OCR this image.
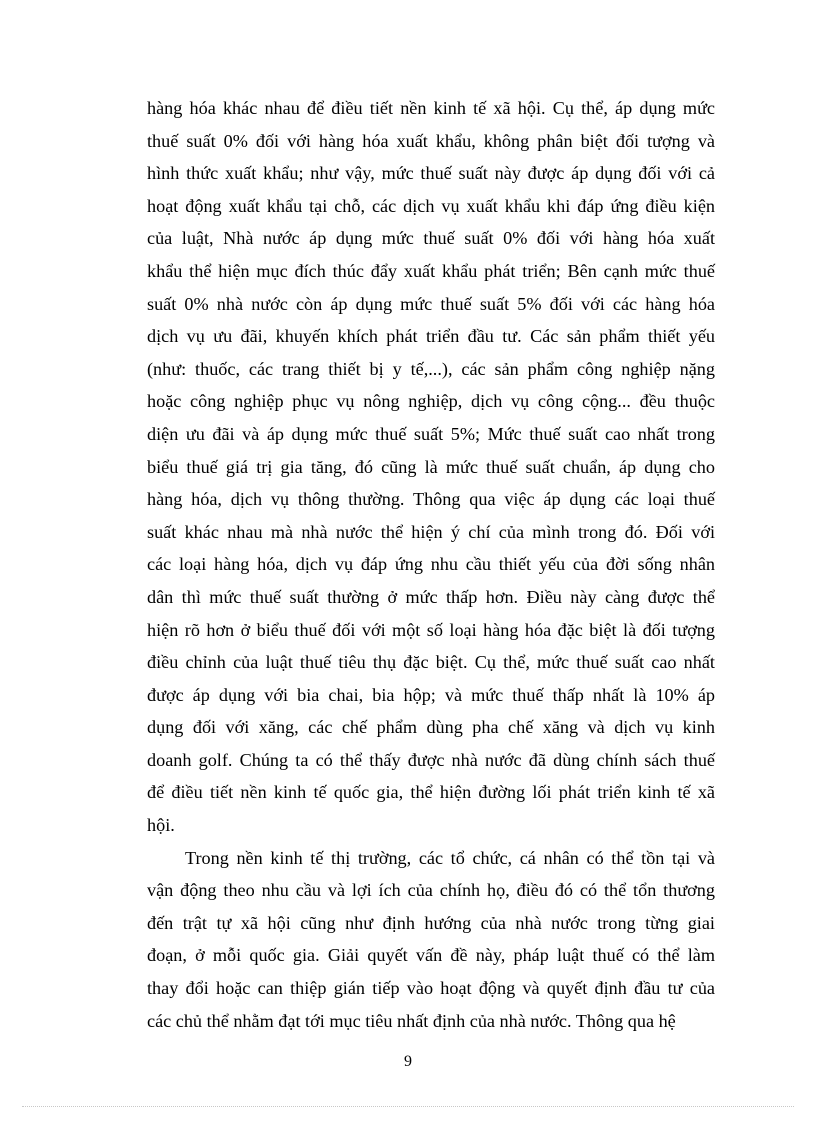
hàng hóa khác nhau để điều tiết nền kinh tế xã hội. Cụ thể, áp dụng mức
thuế suất 0% đối với hàng hóa xuất khẩu, không phân biệt đối tượng và
hình thức xuất khẩu; như vậy, mức thuế suất này được áp dụng đối với cả
hoạt động xuất khẩu tại chỗ, các dịch vụ xuất khẩu khi đáp ứng điều kiện
của luật, Nhà nước áp dụng mức thuế suất 0% đối với hàng hóa xuất
khẩu thể hiện mục đích thúc đẩy xuất khẩu phát triển; Bên cạnh mức thuế
suất 0% nhà nước còn áp dụng mức thuế suất 5% đối với các hàng hóa
dịch vụ ưu đãi, khuyến khích phát triển đầu tư. Các sản phẩm thiết yếu
(như: thuốc, các trang thiết bị y tế,...), các sản phẩm công nghiệp nặng
hoặc công nghiệp phục vụ nông nghiệp, dịch vụ công cộng... đều thuộc
diện ưu đãi và áp dụng mức thuế suất 5%; Mức thuế suất cao nhất trong
biểu thuế giá trị gia tăng, đó cũng là mức thuế suất chuẩn, áp dụng cho
hàng hóa, dịch vụ thông thường. Thông qua việc áp dụng các loại thuế
suất khác nhau mà nhà nước thể hiện ý chí của mình trong đó. Đối với
các loại hàng hóa, dịch vụ đáp ứng nhu cầu thiết yếu của đời sống nhân
dân thì mức thuế suất thường ở mức thấp hơn. Điều này càng được thể
hiện rõ hơn ở biểu thuế đối với một số loại hàng hóa đặc biệt là đối tượng
điều chỉnh của luật thuế tiêu thụ đặc biệt. Cụ thể, mức thuế suất cao nhất
được áp dụng với bia chai, bia hộp; và mức thuế thấp nhất là 10% áp
dụng đối với xăng, các chế phẩm dùng pha chế xăng và dịch vụ kinh
doanh golf. Chúng ta có thể thấy được nhà nước đã dùng chính sách thuế
để điều tiết nền kinh tế quốc gia, thể hiện đường lối phát triển kinh tế xã
hội.
Trong nền kinh tế thị trường, các tổ chức, cá nhân có thể tồn tại và
vận động theo nhu cầu và lợi ích của chính họ, điều đó có thể tổn thương
đến trật tự xã hội cũng như định hướng của nhà nước trong từng giai
đoạn, ở mỗi quốc gia. Giải quyết vấn đề này, pháp luật thuế có thể làm
thay đổi hoặc can thiệp gián tiếp vào hoạt động và quyết định đầu tư của
các chủ thể nhằm đạt tới mục tiêu nhất định của nhà nước. Thông qua hệ
9
